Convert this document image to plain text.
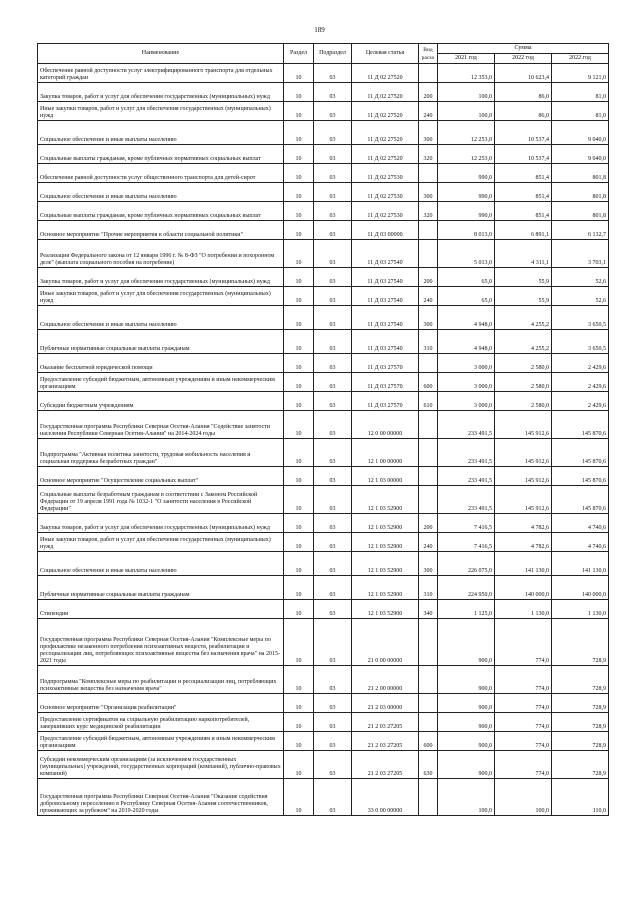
189
Наименование	Раздел	Подраздел	Целевая статья	Вид расхо	Сумма		
					2021 год	2022 год	2022 год
Обеспечение равной доступности услуг электрифицированного транспорта для отдельных категорий граждан	10	03	11 Д 02 27520		12 353,0	10 623,4	9 121,0
Закупка товаров, работ и услуг для обеспечения государственных (муниципальных) нужд	10	03	11 Д 02 27520	200	100,0	86,0	81,0
Иные закупки товаров, работ и услуг для обеспечения государственных (муниципальных) нужд	10	03	11 Д 02 27520	240	100,0	86,0	81,0
Социальное обеспечение и иные выплаты населению	10	03	11 Д 02 27520	300	12 253,0	10 537,4	9 040,0
Социальные выплаты гражданам, кроме публичных нормативных социальных выплат	10	03	11 Д 02 27520	320	12 253,0	10 537,4	9 040,0
Обеспечение равной доступности услуг общественного транспорта для детей-сирот	10	03	11 Д 02 27530		990,0	851,4	801,8
Социальное обеспечение и иные выплаты населению	10	03	11 Д 02 27530	300	990,0	851,4	801,8
Социальные выплаты гражданам, кроме публичных нормативных социальных выплат	10	03	11 Д 02 27530	320	990,0	851,4	801,8
Основное мероприятие "Прочие мероприятия в области социальной политики"	10	03	11 Д 03 00000		8 013,0	6 891,1	6 132,7
Реализация Федерального закона от 12 января 1996 г. № 8-ФЗ "О погребении и похоронном деле" (выплата социального пособия на погребение)	10	03	11 Д 03 27540		5 013,0	4 311,1	3 703,1
Закупка товаров, работ и услуг для обеспечения государственных (муниципальных) нужд	10	03	11 Д 03 27540	200	65,0	55,9	52,6
Иные закупки товаров, работ и услуг для обеспечения государственных (муниципальных) нужд	10	03	11 Д 03 27540	240	65,0	55,9	52,6
Социальное обеспечение и иные выплаты населению	10	03	11 Д 03 27540	300	4 948,0	4 255,2	3 650,5
Публичные нормативные социальные выплаты гражданам	10	03	11 Д 03 27540	310	4 948,0	4 255,2	3 650,5
Оказание бесплатной юридической помощи	10	03	11 Д 03 27570		3 000,0	2 580,0	2 429,6
Предоставление субсидий бюджетным, автономным учреждениям и иным некоммерческим организациям	10	03	11 Д 03 27570	600	3 000,0	2 580,0	2 429,6
Субсидии бюджетным учреждениям	10	03	11 Д 03 27570	610	3 000,0	2 580,0	2 429,6
Государственная программа Республики Северная Осетия-Алания "Содействие занятости населения Республики Северная Осетия-Алания" на 2014-2024 годы	10	03	12 0 00 00000		233 491,5	145 912,6	145 870,6
Подпрограмма "Активная политика занятости, трудовая мобильность населения и социальная поддержка безработных граждан"	10	03	12 1 00 00000		233 491,5	145 912,6	145 870,6
Основное мероприятие "Осуществление социальных выплат"	10	03	12 1 03 00000		233 491,5	145 912,6	145 870,6
Социальные выплаты безработным гражданам в соответствии с Законом Российской Федерации от 19 апреля 1991 года № 1032-1 "О занятости населения в Российской Федерации"	10	03	12 1 03 52900		233 491,5	145 912,6	145 870,6
Закупка товаров, работ и услуг для обеспечения государственных (муниципальных) нужд	10	03	12 1 03 52900	200	7 416,5	4 782,6	4 740,6
Иные закупки товаров, работ и услуг для обеспечения государственных (муниципальных) нужд	10	03	12 1 03 52900	240	7 416,5	4 782,6	4 740,6
Социальное обеспечение и иные выплаты населению	10	03	12 1 03 52900	300	226 075,0	141 130,0	141 130,0
Публичные нормативные социальные выплаты гражданам	10	03	12 1 03 52900	310	224 950,0	140 000,0	140 000,0
Стипендии	10	03	12 1 03 52900	340	1 125,0	1 130,0	1 130,0
Государственная программа Республики Северная Осетия-Алания "Комплексные меры по профилактике незаконного потребления психоактивных веществ, реабилитации и ресоциализации лиц, потребляющих психоактивные вещества без назначения врача" на 2015-2021 годы	10	03	21 0 00 00000		900,0	774,0	728,9
Подпрограмма "Комплексные меры по реабилитации и ресоциализации лиц, потребляющих психоактивные вещества без назначения врача"	10	03	21 2 00 00000		900,0	774,0	728,9
Основное мероприятие "Организация реабилитации"	10	03	21 2 03 00000		900,0	774,0	728,9
Предоставление сертификатов на социальную реабилитацию наркопотребителей, завершивших курс медицинской реабилитации	10	03	21 2 03 27205		900,0	774,0	728,9
Предоставление субсидий бюджетным, автономным учреждениям и иным некоммерческим организациям	10	03	21 2 03 27205	600	900,0	774,0	728,9
Субсидии некоммерческим организациям (за исключением государственных (муниципальных) учреждений, государственных корпораций (компаний), публично-правовых компаний)	10	03	21 2 03 27205	630	900,0	774,0	728,9
Государственная программа Республики Северная Осетия-Алания "Оказание содействия добровольному переселению в Республику Северная Осетия-Алания соотечественников, проживающих за рубежом" на 2019-2020 годы	10	03	33 0 00 00000		100,0	100,0	110,0
